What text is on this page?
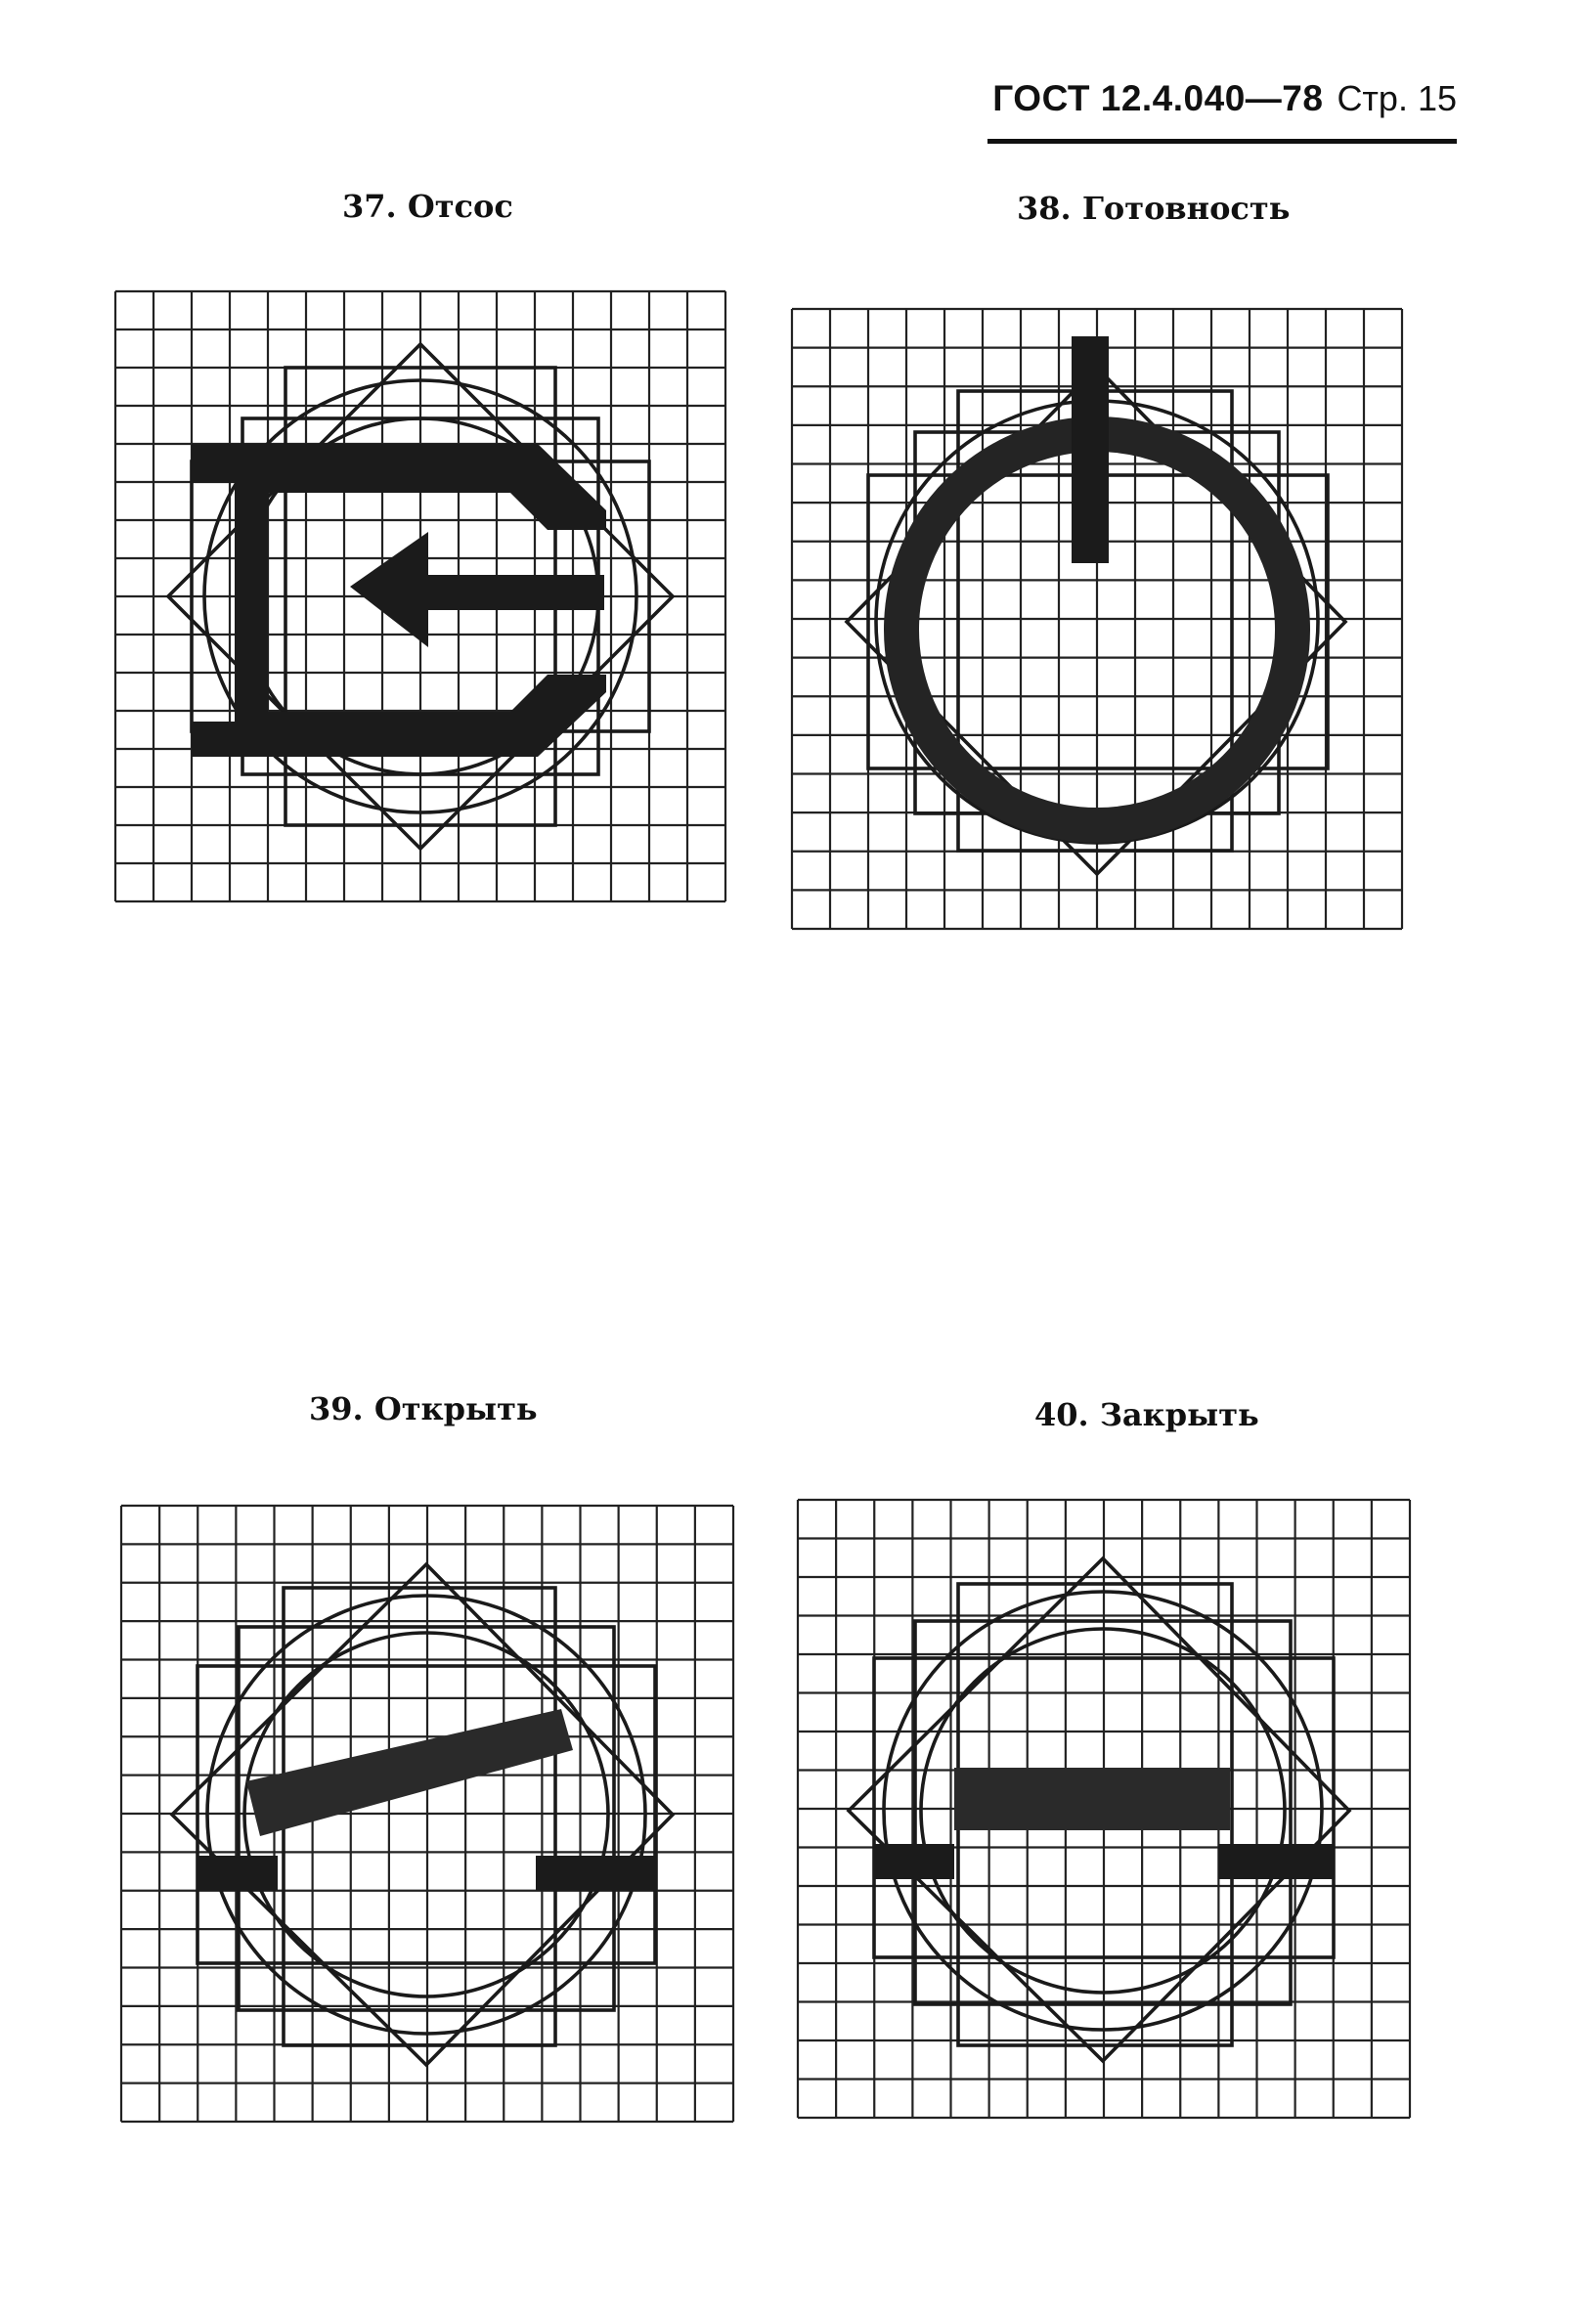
ГОСТ 12.4.040—78 Стр. 15
37. Отсос	38. Готовность
39. Открыть	40. Закрыть
